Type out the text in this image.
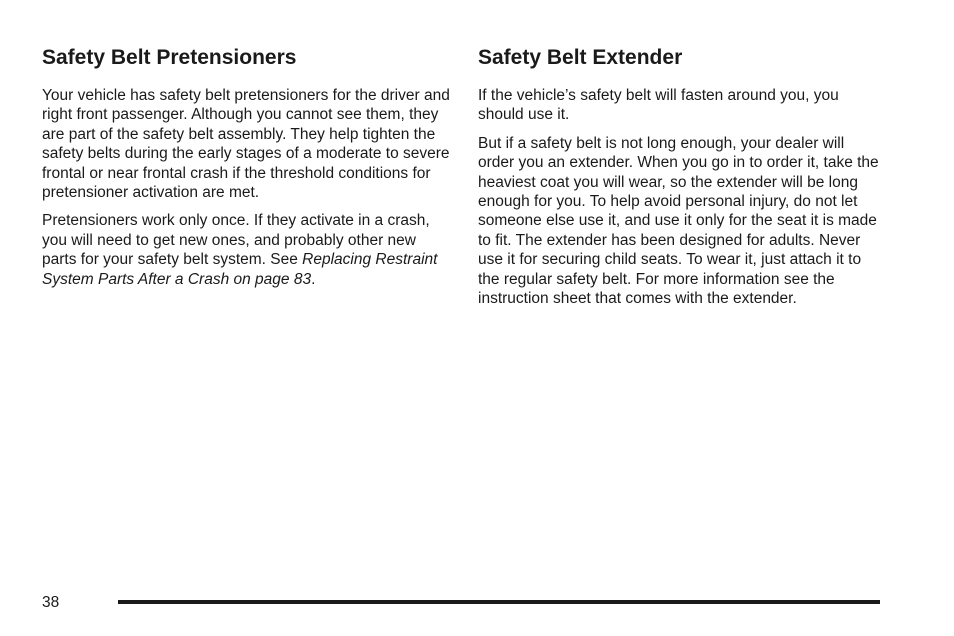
Safety Belt Pretensioners

Your vehicle has safety belt pretensioners for the driver and right front passenger. Although you cannot see them, they are part of the safety belt assembly. They help tighten the safety belts during the early stages of a moderate to severe frontal or near frontal crash if the threshold conditions for pretensioner activation are met.

Pretensioners work only once. If they activate in a crash, you will need to get new ones, and probably other new parts for your safety belt system. See Replacing Restraint System Parts After a Crash on page 83.

Safety Belt Extender

If the vehicle’s safety belt will fasten around you, you should use it.

But if a safety belt is not long enough, your dealer will order you an extender. When you go in to order it, take the heaviest coat you will wear, so the extender will be long enough for you. To help avoid personal injury, do not let someone else use it, and use it only for the seat it is made to fit. The extender has been designed for adults. Never use it for securing child seats. To wear it, just attach it to the regular safety belt. For more information see the instruction sheet that comes with the extender.

38
